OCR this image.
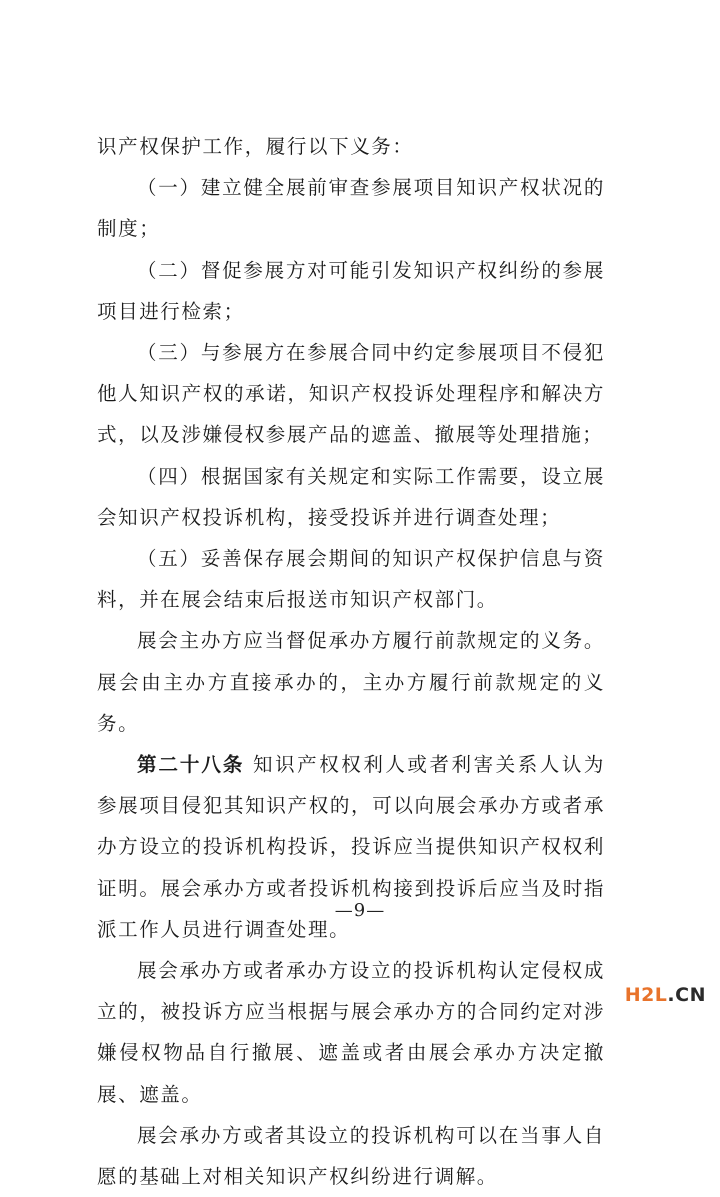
识产权保护工作，履行以下义务：

（一）建立健全展前审查参展项目知识产权状况的制度；

（二）督促参展方对可能引发知识产权纠纷的参展项目进行检索；

（三）与参展方在参展合同中约定参展项目不侵犯他人知识产权的承诺，知识产权投诉处理程序和解决方式，以及涉嫌侵权参展产品的遮盖、撤展等处理措施；

（四）根据国家有关规定和实际工作需要，设立展会知识产权投诉机构，接受投诉并进行调查处理；

（五）妥善保存展会期间的知识产权保护信息与资料，并在展会结束后报送市知识产权部门。

展会主办方应当督促承办方履行前款规定的义务。展会由主办方直接承办的，主办方履行前款规定的义务。

第二十八条 知识产权权利人或者利害关系人认为参展项目侵犯其知识产权的，可以向展会承办方或者承办方设立的投诉机构投诉，投诉应当提供知识产权权利证明。展会承办方或者投诉机构接到投诉后应当及时指派工作人员进行调查处理。

展会承办方或者承办方设立的投诉机构认定侵权成立的，被投诉方应当根据与展会承办方的合同约定对涉嫌侵权物品自行撤展、遮盖或者由展会承办方决定撤展、遮盖。

展会承办方或者其设立的投诉机构可以在当事人自愿的基础上对相关知识产权纠纷进行调解。

—9—
H2L.CN
